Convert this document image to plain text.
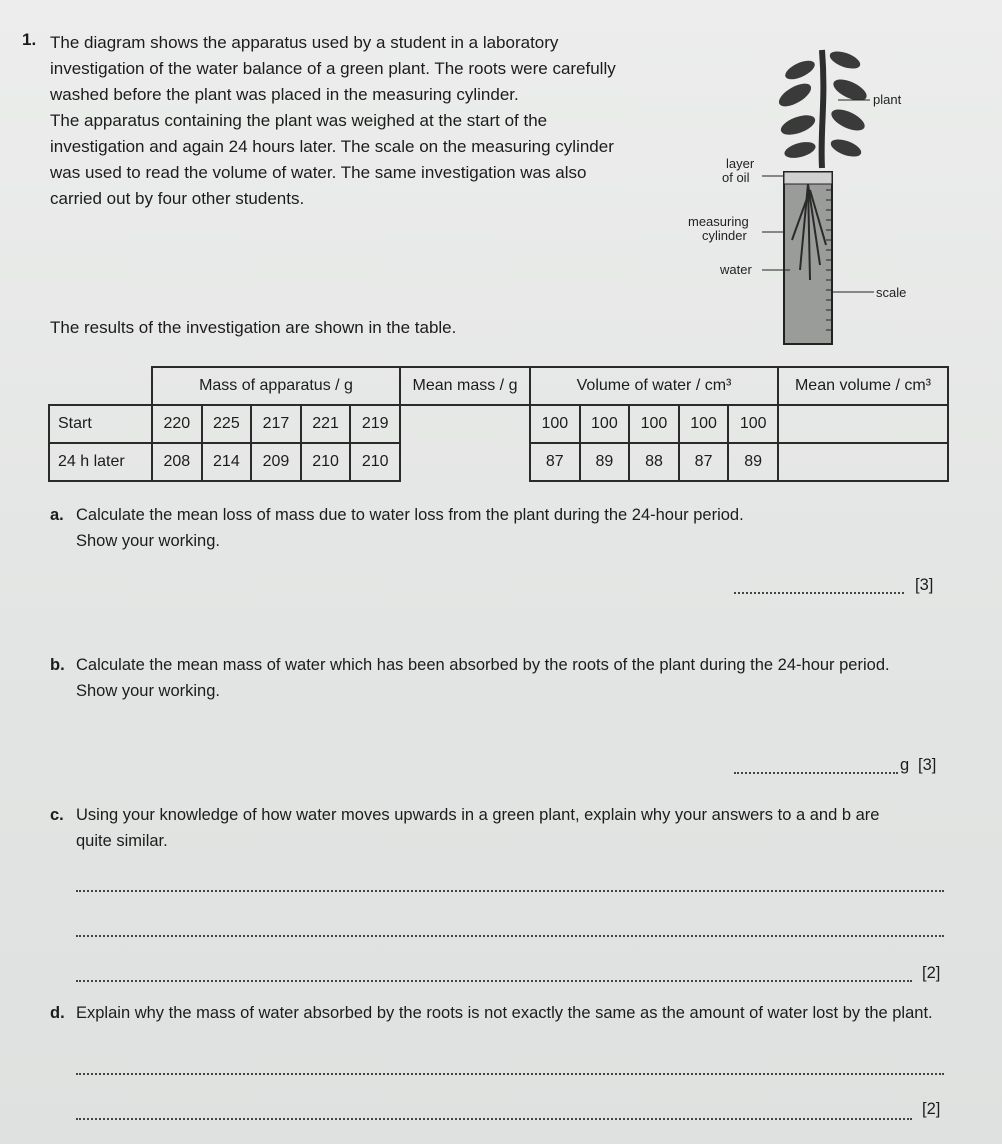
1. The diagram shows the apparatus used by a student in a laboratory

investigation of the water balance of a green plant. The roots were carefully

washed before the plant was placed in the measuring cylinder.

The apparatus containing the plant was weighed at the start of the

investigation and again 24 hours later. The scale on the measuring cylinder

was used to read the volume of water. The same investigation was also

carried out by four other students.

plant
layer
of oil
measuring
cylinder
water
scale
The results of the investigation are shown in the table.
	Mass of apparatus / g					Mean mass / g	Volume of water / cm³					Mean volume / cm³
Start	220	225	217	221	219		100	100	100	100	100	
24 h later	208	214	209	210	210		87	89	88	87	89	
a. Calculate the mean loss of mass due to water loss from the plant during the 24-hour period.
Show your working.
[3]
b. Calculate the mean mass of water which has been absorbed by the roots of the plant during the 24-hour period.
Show your working.
g [3]
c. Using your knowledge of how water moves upwards in a green plant, explain why your answers to a and b are
quite similar.
[2]
d. Explain why the mass of water absorbed by the roots is not exactly the same as the amount of water lost by the plant.
[2]
